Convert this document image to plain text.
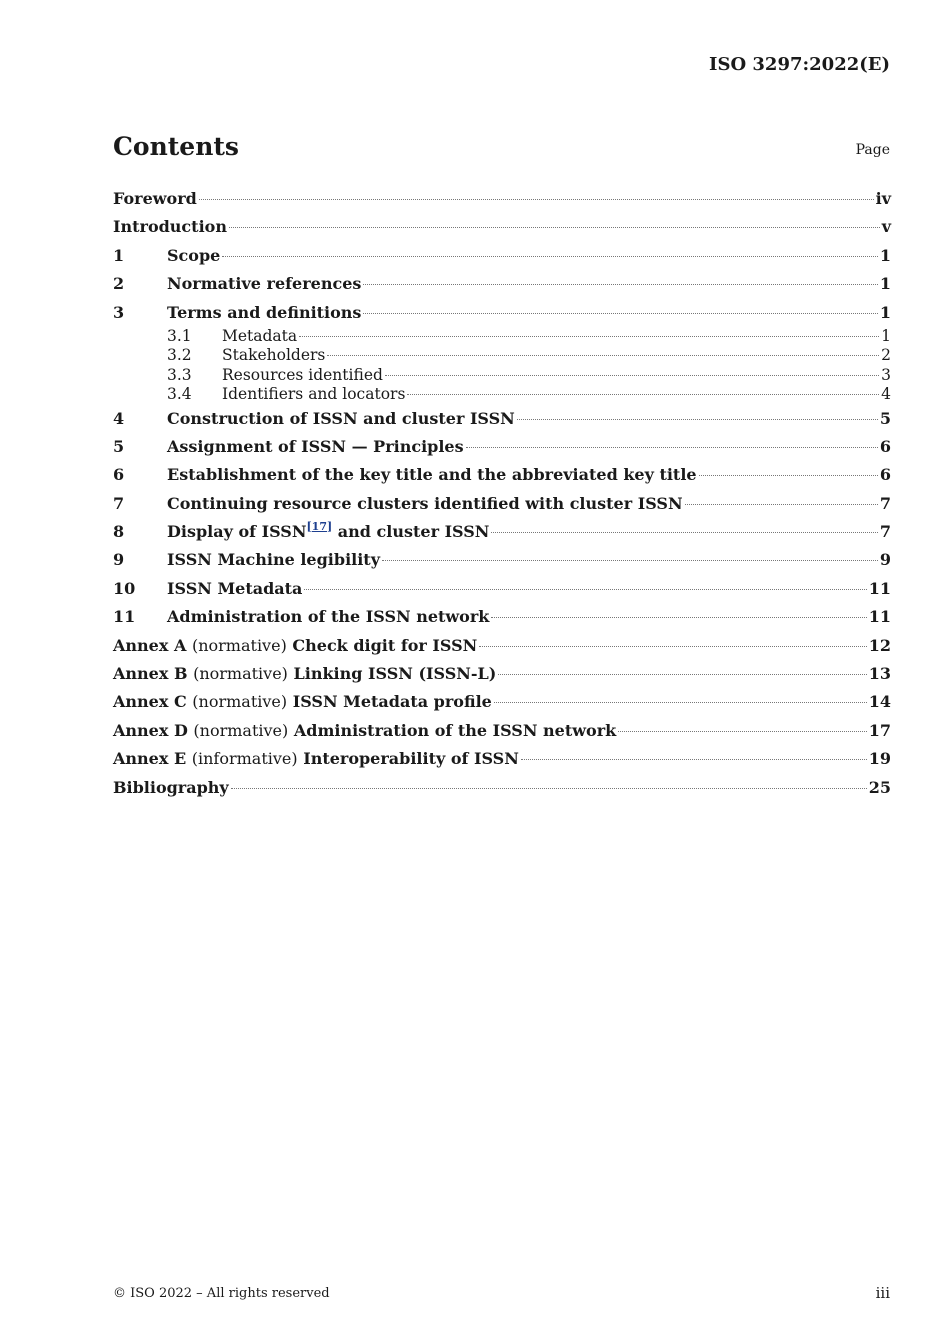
ISO 3297:2022(E)
Contents	Page
Foreword	iv
Introduction	v
1	Scope	1
2	Normative references	1
3	Terms and definitions	1
3.1	Metadata	1
3.2	Stakeholders	2
3.3	Resources identified	3
3.4	Identifiers and locators	4
4	Construction of ISSN and cluster ISSN	5
5	Assignment of ISSN — Principles	6
6	Establishment of the key title and the abbreviated key title	6
7	Continuing resource clusters identified with cluster ISSN	7
8	Display of ISSN[17] and cluster ISSN	7
9	ISSN Machine legibility	9
10	ISSN Metadata	11
11	Administration of the ISSN network	11
Annex A (normative) Check digit for ISSN	12
Annex B (normative) Linking ISSN (ISSN-L)	13
Annex C (normative) ISSN Metadata profile	14
Annex D (normative) Administration of the ISSN network	17
Annex E (informative) Interoperability of ISSN	19
Bibliography	25
© ISO 2022 – All rights reserved	iii
